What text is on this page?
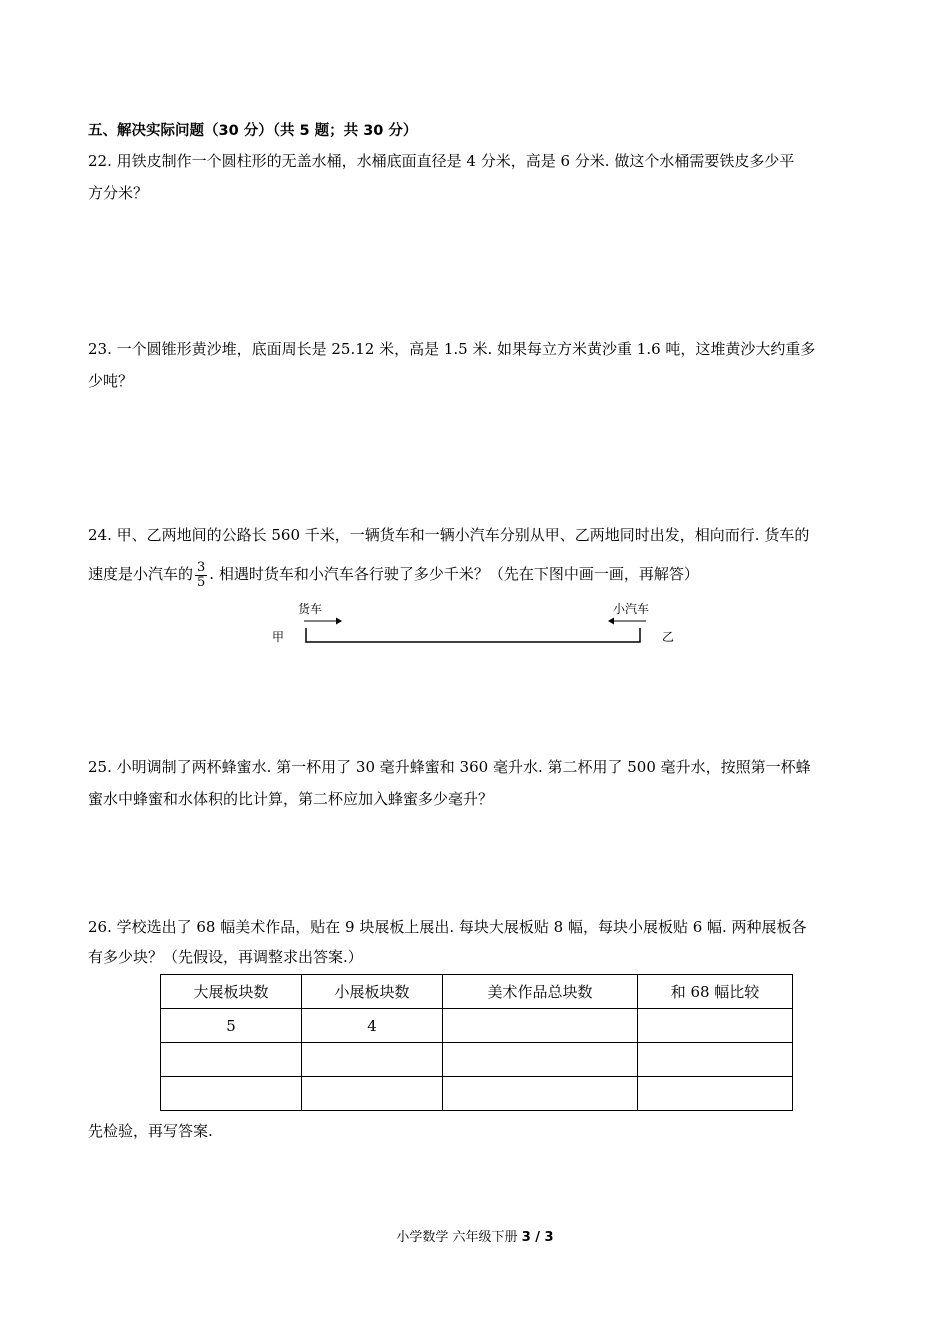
五、解决实际问题（30 分）（共 5 题；共 30 分）
22. 用铁皮制作一个圆柱形的无盖水桶，水桶底面直径是 4 分米，高是 6 分米. 做这个水桶需要铁皮多少平
方分米？
23. 一个圆锥形黄沙堆，底面周长是 25.12 米，高是 1.5 米. 如果每立方米黄沙重 1.6 吨，这堆黄沙大约重多
少吨？
24. 甲、乙两地间的公路长 560 千米，一辆货车和一辆小汽车分别从甲、乙两地同时出发，相向而行. 货车的
速度是小汽车的 $\frac{3}{5}$ . 相遇时货车和小汽车各行驶了多少千米？（先在下图中画一画，再解答）
货车	小汽车
甲	乙
25. 小明调制了两杯蜂蜜水. 第一杯用了 30 毫升蜂蜜和 360 毫升水. 第二杯用了 500 毫升水，按照第一杯蜂
蜜水中蜂蜜和水体积的比计算，第二杯应加入蜂蜜多少毫升？
26. 学校选出了 68 幅美术作品，贴在 9 块展板上展出. 每块大展板贴 8 幅，每块小展板贴 6 幅. 两种展板各
有多少块？（先假设，再调整求出答案.）
大展板块数	小展板块数	美术作品总块数	和 68 幅比较
5	4		

先检验，再写答案.
小学数学 六年级下册 3 / 3
